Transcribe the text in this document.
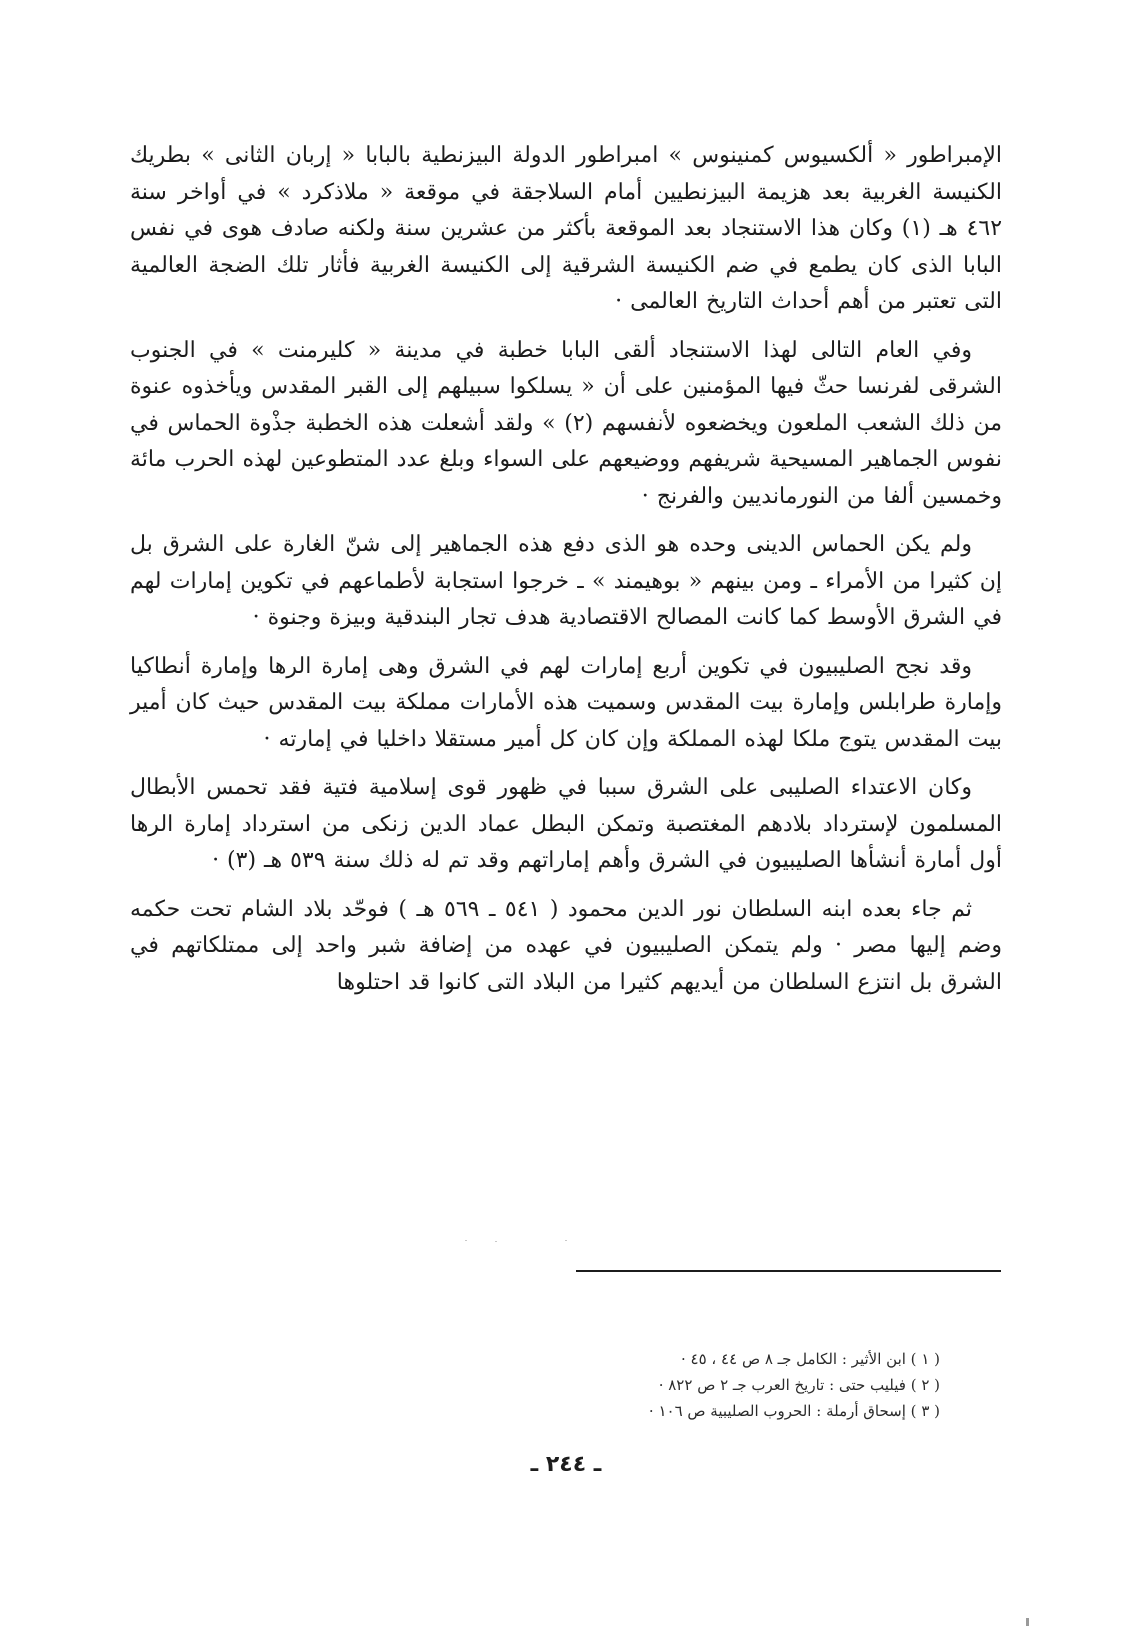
الإمبراطور « ألكسيوس كمنينوس » امبراطور الدولة البيزنطية بالبابا « إربان الثانى » بطريك الكنيسة الغربية بعد هزيمة البيزنطيين أمام السلاجقة في موقعة « ملاذكرد » في أواخر سنة ٤٦٢ هـ (١) وكان هذا الاستنجاد بعد الموقعة بأكثر من عشرين سنة ولكنه صادف هوى في نفس البابا الذى كان يطمع في ضم الكنيسة الشرقية إلى الكنيسة الغربية فأثار تلك الضجة العالمية التى تعتبر من أهم أحداث التاريخ العالمى ·

وفي العام التالى لهذا الاستنجاد ألقى البابا خطبة في مدينة « كليرمنت » في الجنوب الشرقى لفرنسا حثّ فيها المؤمنين على أن « يسلكوا سبيلهم إلى القبر المقدس ويأخذوه عنوة من ذلك الشعب الملعون ويخضعوه لأنفسهم (٢) » ولقد أشعلت هذه الخطبة جذْوة الحماس في نفوس الجماهير المسيحية شريفهم ووضيعهم على السواء وبلغ عدد المتطوعين لهذه الحرب مائة وخمسين ألفا من النورمانديين والفرنج ·

ولم يكن الحماس الدينى وحده هو الذى دفع هذه الجماهير إلى شنّ الغارة على الشرق بل إن كثيرا من الأمراء ـ ومن بينهم « بوهيمند » ـ خرجوا استجابة لأطماعهم في تكوين إمارات لهم في الشرق الأوسط كما كانت المصالح الاقتصادية هدف تجار البندقية وبيزة وجنوة ·

وقد نجح الصليبيون في تكوين أربع إمارات لهم في الشرق وهى إمارة الرها وإمارة أنطاكيا وإمارة طرابلس وإمارة بيت المقدس وسميت هذه الأمارات مملكة بيت المقدس حيث كان أمير بيت المقدس يتوج ملكا لهذه المملكة وإن كان كل أمير مستقلا داخليا في إمارته ·

وكان الاعتداء الصليبى على الشرق سببا في ظهور قوى إسلامية فتية فقد تحمس الأبطال المسلمون لإسترداد بلادهم المغتصبة وتمكن البطل عماد الدين زنكى من استرداد إمارة الرها أول أمارة أنشأها الصليبيون في الشرق وأهم إماراتهم وقد تم له ذلك سنة ٥٣٩ هـ (٣) ·

ثم جاء بعده ابنه السلطان نور الدين محمود ( ٥٤١ ـ ٥٦٩ هـ ) فوحّد بلاد الشام تحت حكمه وضم إليها مصر · ولم يتمكن الصليبيون في عهده من إضافة شبر واحد إلى ممتلكاتهم في الشرق بل انتزع السلطان من أيديهم كثيرا من البلاد التى كانوا قد احتلوها

( ١ ) ابن الأثير : الكامل جـ ٨ ص ٤٤ ، ٤٥ ·

( ٢ ) فيليب حتى : تاريخ العرب جـ ٢ ص ٨٢٢ ·

( ٣ ) إسحاق أرملة : الحروب الصليبية ص ١٠٦ ·

ـ ٢٤٤ ـ
